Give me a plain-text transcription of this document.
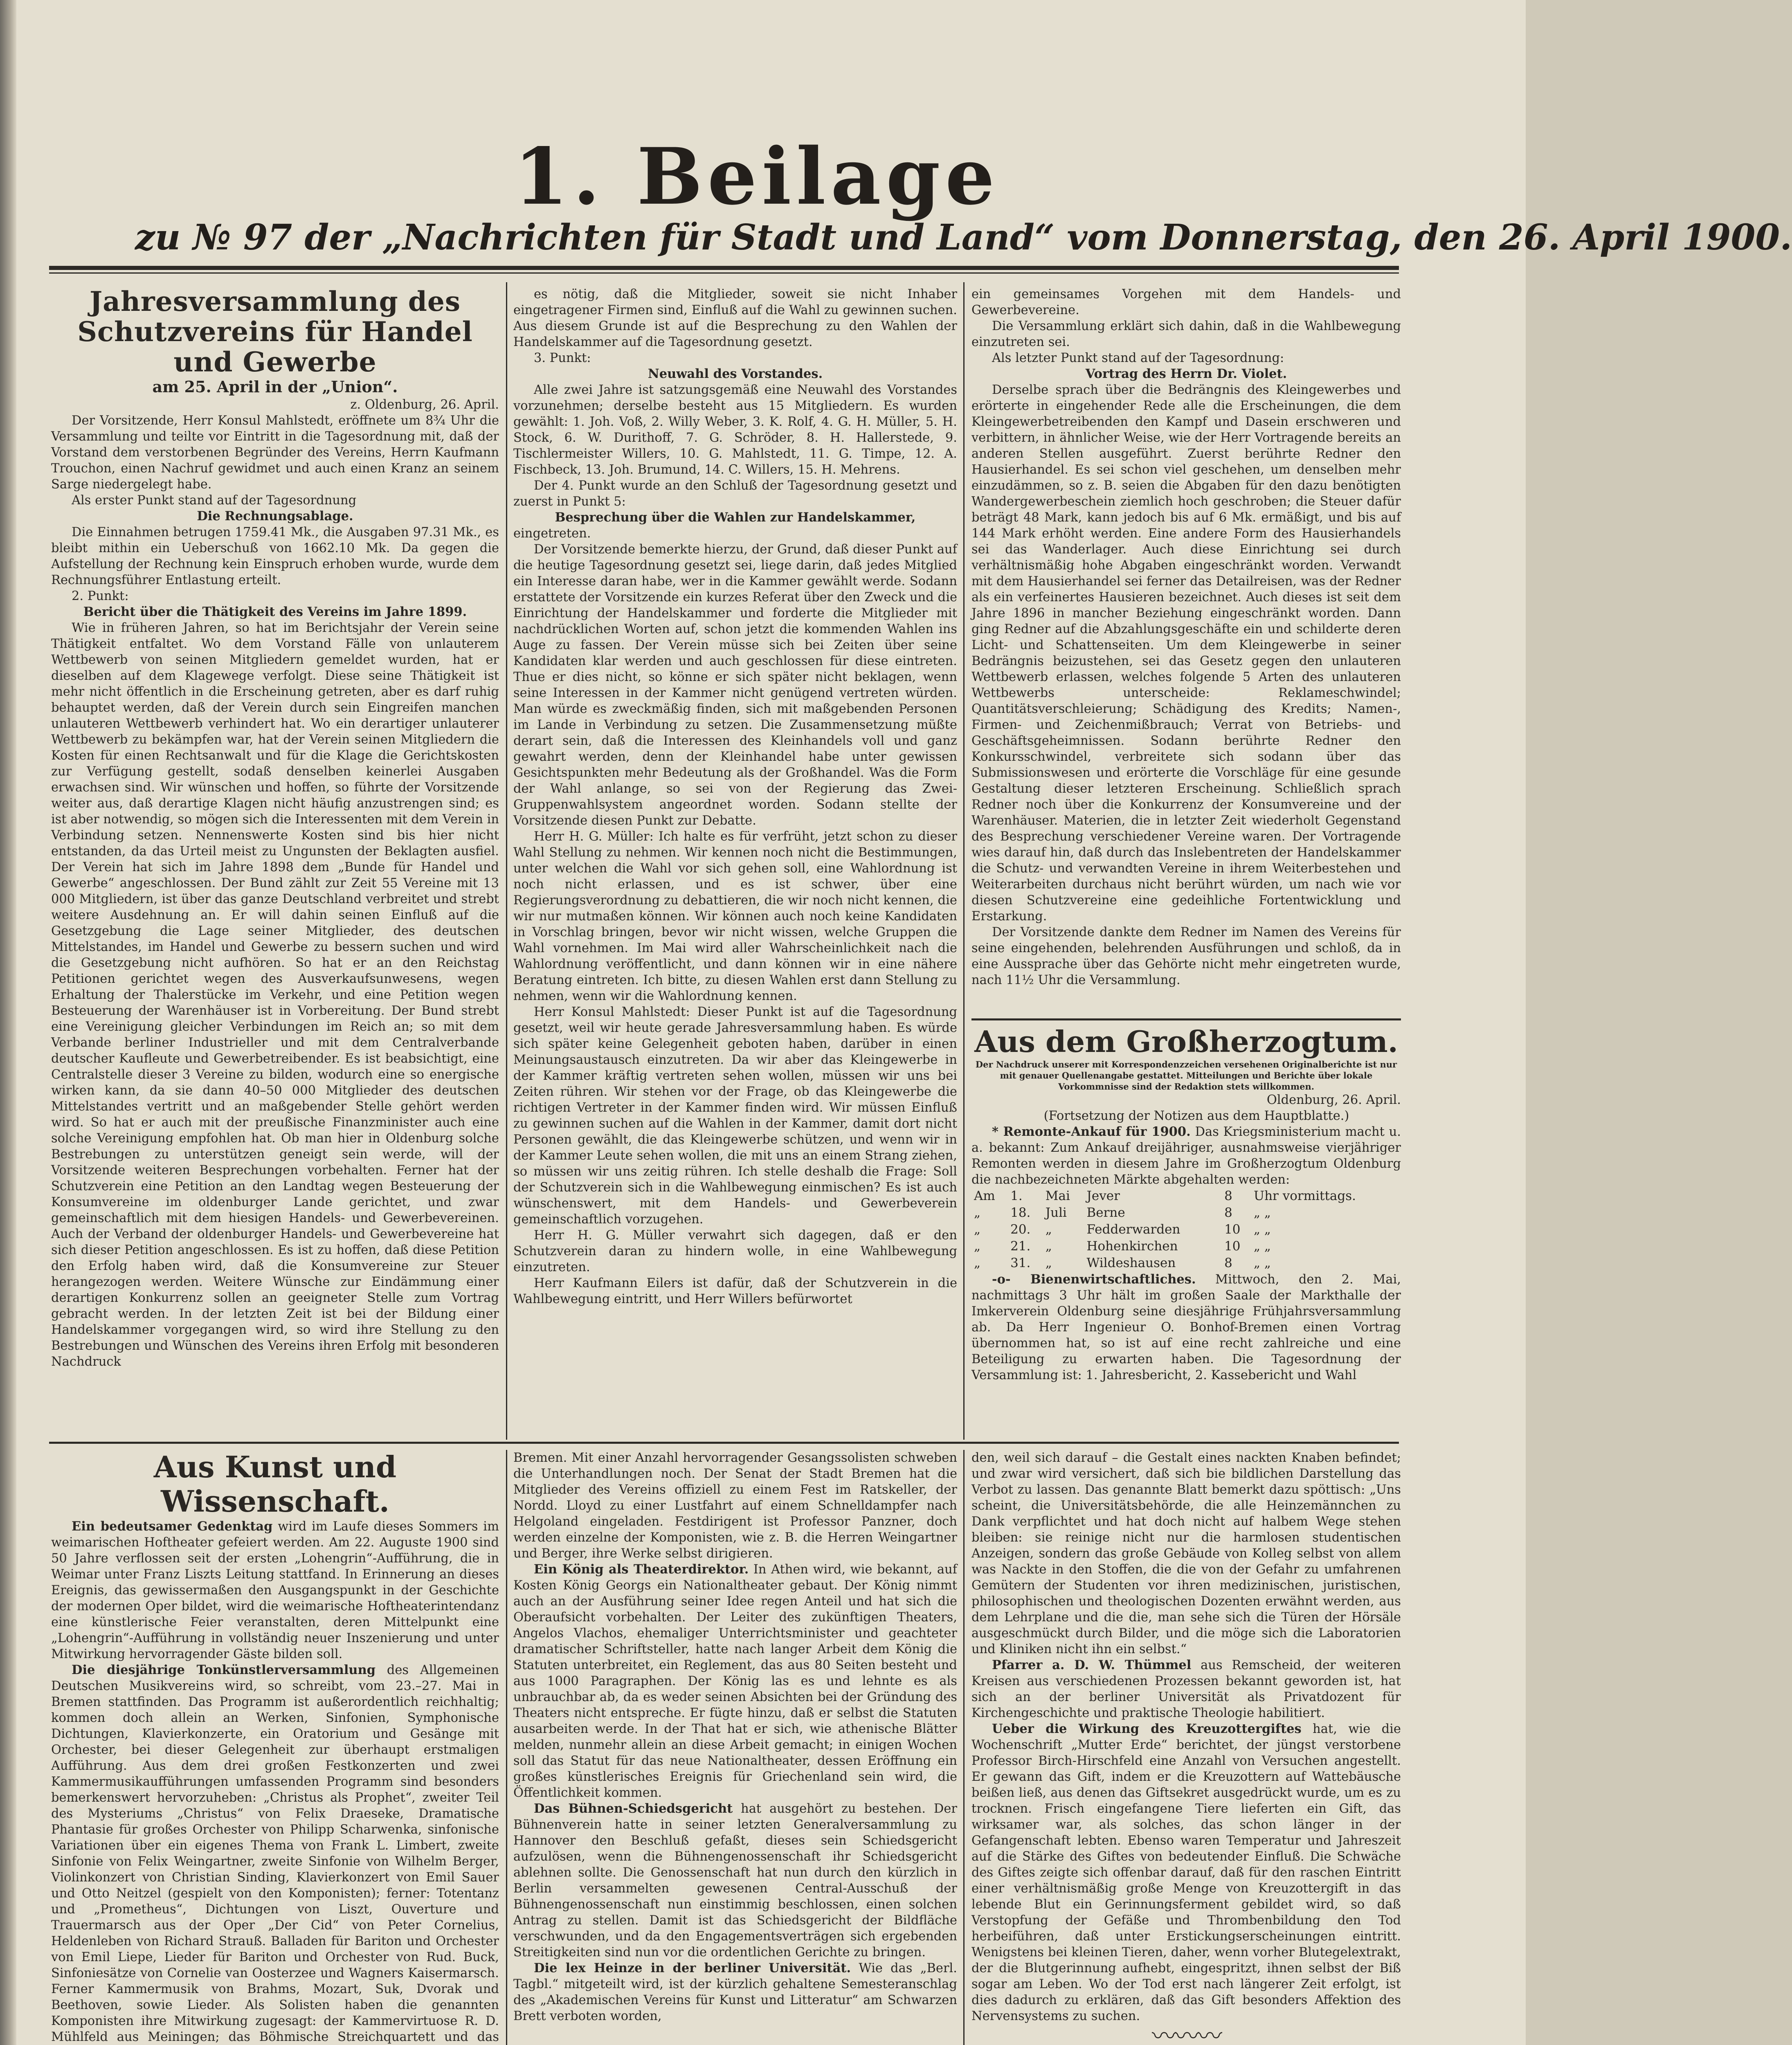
1. Beilage
zu № 97 der „Nachrichten für Stadt und Land“ vom Donnerstag, den 26. April 1900.
Jahresversammlung des Schutzvereins für Handel und Gewerbe
am 25. April in der „Union“.

z. Oldenburg, 26. April.

Der Vorsitzende, Herr Konsul Mahlstedt, eröffnete um 8¾ Uhr die Versammlung und teilte vor Eintritt in die Tagesordnung mit, daß der Vorstand dem verstorbenen Begründer des Vereins, Herrn Kaufmann Trouchon, einen Nachruf gewidmet und auch einen Kranz an seinem Sarge niedergelegt habe.

Als erster Punkt stand auf der Tagesordnung

Die Rechnungsablage.

Die Einnahmen betrugen 1759.41 Mk., die Ausgaben 97.31 Mk., es bleibt mithin ein Ueberschuß von 1662.10 Mk. Da gegen die Aufstellung der Rechnung kein Einspruch erhoben wurde, wurde dem Rechnungsführer Entlastung erteilt.

2. Punkt:

Bericht über die Thätigkeit des Vereins im Jahre 1899.

Wie in früheren Jahren, so hat im Berichtsjahr der Verein seine Thätigkeit entfaltet. Wo dem Vorstand Fälle von unlauterem Wettbewerb von seinen Mitgliedern gemeldet wurden, hat er dieselben auf dem Klagewege verfolgt. Diese seine Thätigkeit ist mehr nicht öffentlich in die Erscheinung getreten, aber es darf ruhig behauptet werden, daß der Verein durch sein Eingreifen manchen unlauteren Wettbewerb verhindert hat. Wo ein derartiger unlauterer Wettbewerb zu bekämpfen war, hat der Verein seinen Mitgliedern die Kosten für einen Rechtsanwalt und für die Klage die Gerichtskosten zur Verfügung gestellt, sodaß denselben keinerlei Ausgaben erwachsen sind. Wir wünschen und hoffen, so führte der Vorsitzende weiter aus, daß derartige Klagen nicht häufig anzustrengen sind; es ist aber notwendig, so mögen sich die Interessenten mit dem Verein in Verbindung setzen. Nennenswerte Kosten sind bis hier nicht entstanden, da das Urteil meist zu Ungunsten der Beklagten ausfiel. Der Verein hat sich im Jahre 1898 dem „Bunde für Handel und Gewerbe“ angeschlossen. Der Bund zählt zur Zeit 55 Vereine mit 13 000 Mitgliedern, ist über das ganze Deutschland verbreitet und strebt weitere Ausdehnung an. Er will dahin seinen Einfluß auf die Gesetzgebung die Lage seiner Mitglieder, des deutschen Mittelstandes, im Handel und Gewerbe zu bessern suchen und wird die Gesetzgebung nicht aufhören. So hat er an den Reichstag Petitionen gerichtet wegen des Ausverkaufsunwesens, wegen Erhaltung der Thalerstücke im Verkehr, und eine Petition wegen Besteuerung der Warenhäuser ist in Vorbereitung. Der Bund strebt eine Vereinigung gleicher Verbindungen im Reich an; so mit dem Verbande berliner Industrieller und mit dem Centralverbande deutscher Kaufleute und Gewerbetreibender. Es ist beabsichtigt, eine Centralstelle dieser 3 Vereine zu bilden, wodurch eine so energische wirken kann, da sie dann 40–50 000 Mitglieder des deutschen Mittelstandes vertritt und an maßgebender Stelle gehört werden wird. So hat er auch mit der preußische Finanzminister auch eine solche Vereinigung empfohlen hat. Ob man hier in Oldenburg solche Bestrebungen zu unterstützen geneigt sein werde, will der Vorsitzende weiteren Besprechungen vorbehalten. Ferner hat der Schutzverein eine Petition an den Landtag wegen Besteuerung der Konsumvereine im oldenburger Lande gerichtet, und zwar gemeinschaftlich mit dem hiesigen Handels- und Gewerbevereinen. Auch der Verband der oldenburger Handels- und Gewerbevereine hat sich dieser Petition angeschlossen. Es ist zu hoffen, daß diese Petition den Erfolg haben wird, daß die Konsumvereine zur Steuer herangezogen werden. Weitere Wünsche zur Eindämmung einer derartigen Konkurrenz sollen an geeigneter Stelle zum Vortrag gebracht werden. In der letzten Zeit ist bei der Bildung einer Handelskammer vorgegangen wird, so wird ihre Stellung zu den Bestrebungen und Wünschen des Vereins ihren Erfolg mit besonderen Nachdruck

es nötig, daß die Mitglieder, soweit sie nicht Inhaber eingetragener Firmen sind, Einfluß auf die Wahl zu gewinnen suchen. Aus diesem Grunde ist auf die Besprechung zu den Wahlen der Handelskammer auf die Tagesordnung gesetzt.

3. Punkt:

Neuwahl des Vorstandes.

Alle zwei Jahre ist satzungsgemäß eine Neuwahl des Vorstandes vorzunehmen; derselbe besteht aus 15 Mitgliedern. Es wurden gewählt: 1. Joh. Voß, 2. Willy Weber, 3. K. Rolf, 4. G. H. Müller, 5. H. Stock, 6. W. Durithoff, 7. G. Schröder, 8. H. Hallerstede, 9. Tischlermeister Willers, 10. G. Mahlstedt, 11. G. Timpe, 12. A. Fischbeck, 13. Joh. Brumund, 14. C. Willers, 15. H. Mehrens.

Der 4. Punkt wurde an den Schluß der Tagesordnung gesetzt und zuerst in Punkt 5:

Besprechung über die Wahlen zur Handelskammer,

eingetreten.

Der Vorsitzende bemerkte hierzu, der Grund, daß dieser Punkt auf die heutige Tagesordnung gesetzt sei, liege darin, daß jedes Mitglied ein Interesse daran habe, wer in die Kammer gewählt werde. Sodann erstattete der Vorsitzende ein kurzes Referat über den Zweck und die Einrichtung der Handelskammer und forderte die Mitglieder mit nachdrücklichen Worten auf, schon jetzt die kommenden Wahlen ins Auge zu fassen. Der Verein müsse sich bei Zeiten über seine Kandidaten klar werden und auch geschlossen für diese eintreten. Thue er dies nicht, so könne er sich später nicht beklagen, wenn seine Interessen in der Kammer nicht genügend vertreten würden. Man würde es zweckmäßig finden, sich mit maßgebenden Personen im Lande in Verbindung zu setzen. Die Zusammensetzung müßte derart sein, daß die Interessen des Kleinhandels voll und ganz gewahrt werden, denn der Kleinhandel habe unter gewissen Gesichtspunkten mehr Bedeutung als der Großhandel. Was die Form der Wahl anlange, so sei von der Regierung das Zwei-Gruppenwahlsystem angeordnet worden. Sodann stellte der Vorsitzende diesen Punkt zur Debatte.

Herr H. G. Müller: Ich halte es für verfrüht, jetzt schon zu dieser Wahl Stellung zu nehmen. Wir kennen noch nicht die Bestimmungen, unter welchen die Wahl vor sich gehen soll, eine Wahlordnung ist noch nicht erlassen, und es ist schwer, über eine Regierungsverordnung zu debattieren, die wir noch nicht kennen, die wir nur mutmaßen können. Wir können auch noch keine Kandidaten in Vorschlag bringen, bevor wir nicht wissen, welche Gruppen die Wahl vornehmen. Im Mai wird aller Wahrscheinlichkeit nach die Wahlordnung veröffentlicht, und dann können wir in eine nähere Beratung eintreten. Ich bitte, zu diesen Wahlen erst dann Stellung zu nehmen, wenn wir die Wahlordnung kennen.

Herr Konsul Mahlstedt: Dieser Punkt ist auf die Tagesordnung gesetzt, weil wir heute gerade Jahresversammlung haben. Es würde sich später keine Gelegenheit geboten haben, darüber in einen Meinungsaustausch einzutreten. Da wir aber das Kleingewerbe in der Kammer kräftig vertreten sehen wollen, müssen wir uns bei Zeiten rühren. Wir stehen vor der Frage, ob das Kleingewerbe die richtigen Vertreter in der Kammer finden wird. Wir müssen Einfluß zu gewinnen suchen auf die Wahlen in der Kammer, damit dort nicht Personen gewählt, die das Kleingewerbe schützen, und wenn wir in der Kammer Leute sehen wollen, die mit uns an einem Strang ziehen, so müssen wir uns zeitig rühren. Ich stelle deshalb die Frage: Soll der Schutzverein sich in die Wahlbewegung einmischen? Es ist auch wünschenswert, mit dem Handels- und Gewerbeverein gemeinschaftlich vorzugehen.

Herr H. G. Müller verwahrt sich dagegen, daß er den Schutzverein daran zu hindern wolle, in eine Wahlbewegung einzutreten.

Herr Kaufmann Eilers ist dafür, daß der Schutzverein in die Wahlbewegung eintritt, und Herr Willers befürwortet

ein gemeinsames Vorgehen mit dem Handels- und Gewerbevereine.

Die Versammlung erklärt sich dahin, daß in die Wahlbewegung einzutreten sei.

Als letzter Punkt stand auf der Tagesordnung:

Vortrag des Herrn Dr. Violet.

Derselbe sprach über die Bedrängnis des Kleingewerbes und erörterte in eingehender Rede alle die Erscheinungen, die dem Kleingewerbetreibenden den Kampf und Dasein erschweren und verbittern, in ähnlicher Weise, wie der Herr Vortragende bereits an anderen Stellen ausgeführt. Zuerst berührte Redner den Hausierhandel. Es sei schon viel geschehen, um denselben mehr einzudämmen, so z. B. seien die Abgaben für den dazu benötigten Wandergewerbeschein ziemlich hoch geschroben; die Steuer dafür beträgt 48 Mark, kann jedoch bis auf 6 Mk. ermäßigt, und bis auf 144 Mark erhöht werden. Eine andere Form des Hausierhandels sei das Wanderlager. Auch diese Einrichtung sei durch verhältnismäßig hohe Abgaben eingeschränkt worden. Verwandt mit dem Hausierhandel sei ferner das Detailreisen, was der Redner als ein verfeinertes Hausieren bezeichnet. Auch dieses ist seit dem Jahre 1896 in mancher Beziehung eingeschränkt worden. Dann ging Redner auf die Abzahlungsgeschäfte ein und schilderte deren Licht- und Schattenseiten. Um dem Kleingewerbe in seiner Bedrängnis beizustehen, sei das Gesetz gegen den unlauteren Wettbewerb erlassen, welches folgende 5 Arten des unlauteren Wettbewerbs unterscheide: Reklameschwindel; Quantitätsverschleierung; Schädigung des Kredits; Namen-, Firmen- und Zeichenmißbrauch; Verrat von Betriebs- und Geschäftsgeheimnissen. Sodann berührte Redner den Konkursschwindel, verbreitete sich sodann über das Submissionswesen und erörterte die Vorschläge für eine gesunde Gestaltung dieser letzteren Erscheinung. Schließlich sprach Redner noch über die Konkurrenz der Konsumvereine und der Warenhäuser. Materien, die in letzter Zeit wiederholt Gegenstand des Besprechung verschiedener Vereine waren. Der Vortragende wies darauf hin, daß durch das Inslebentreten der Handelskammer die Schutz- und verwandten Vereine in ihrem Weiterbestehen und Weiterarbeiten durchaus nicht berührt würden, um nach wie vor diesen Schutzvereine eine gedeihliche Fortentwicklung und Erstarkung.

Der Vorsitzende dankte dem Redner im Namen des Vereins für seine eingehenden, belehrenden Ausführungen und schloß, da in eine Aussprache über das Gehörte nicht mehr eingetreten wurde, nach 11½ Uhr die Versammlung.

Aus dem Großherzogtum.
Der Nachdruck unserer mit Korrespondenzzeichen versehenen Originalberichte ist nur mit genauer Quellenangabe gestattet. Mitteilungen und Berichte über lokale Vorkommnisse sind der Redaktion stets willkommen.

Oldenburg, 26. April.

(Fortsetzung der Notizen aus dem Hauptblatte.)

* Remonte-Ankauf für 1900. Das Kriegsministerium macht u. a. bekannt: Zum Ankauf dreijähriger, ausnahmsweise vierjähriger Remonten werden in diesem Jahre im Großherzogtum Oldenburg die nachbezeichneten Märkte abgehalten werden:

Am	1.	Mai	Jever	8	Uhr vormittags.
„	18.	Juli	Berne	8	„ „
„	20.	„	Fedderwarden	10	„ „
„	21.	„	Hohenkirchen	10	„ „
„	31.	„	Wildeshausen	8	„ „

-o- Bienenwirtschaftliches. Mittwoch, den 2. Mai, nachmittags 3 Uhr hält im großen Saale der Markthalle der Imkerverein Oldenburg seine diesjährige Frühjahrsversammlung ab. Da Herr Ingenieur O. Bonhof-Bremen einen Vortrag übernommen hat, so ist auf eine recht zahlreiche und eine Beteiligung zu erwarten haben. Die Tagesordnung der Versammlung ist: 1. Jahresbericht, 2. Kassebericht und Wahl

Aus Kunst und Wissenschaft.

Ein bedeutsamer Gedenktag wird im Laufe dieses Sommers im weimarischen Hoftheater gefeiert werden. Am 22. Auguste 1900 sind 50 Jahre verflossen seit der ersten „Lohengrin“-Aufführung, die in Weimar unter Franz Liszts Leitung stattfand. In Erinnerung an dieses Ereignis, das gewissermaßen den Ausgangspunkt in der Geschichte der modernen Oper bildet, wird die weimarische Hoftheaterintendanz eine künstlerische Feier veranstalten, deren Mittelpunkt eine „Lohengrin“-Aufführung in vollständig neuer Inszenierung und unter Mitwirkung hervorragender Gäste bilden soll.

Die diesjährige Tonkünstlerversammlung des Allgemeinen Deutschen Musikvereins wird, so schreibt, vom 23.–27. Mai in Bremen stattfinden. Das Programm ist außerordentlich reichhaltig; kommen doch allein an Werken, Sinfonien, Symphonische Dichtungen, Klavierkonzerte, ein Oratorium und Gesänge mit Orchester, bei dieser Gelegenheit zur überhaupt erstmaligen Aufführung. Aus dem drei großen Festkonzerten und zwei Kammermusikaufführungen umfassenden Programm sind besonders bemerkenswert hervorzuheben: „Christus als Prophet“, zweiter Teil des Mysteriums „Christus“ von Felix Draeseke, Dramatische Phantasie für großes Orchester von Philipp Scharwenka, sinfonische Variationen über ein eigenes Thema von Frank L. Limbert, zweite Sinfonie von Felix Weingartner, zweite Sinfonie von Wilhelm Berger, Violinkonzert von Christian Sinding, Klavierkonzert von Emil Sauer und Otto Neitzel (gespielt von den Komponisten); ferner: Totentanz und „Prometheus“, Dichtungen von Liszt, Ouverture und Trauermarsch aus der Oper „Der Cid“ von Peter Cornelius, Heldenleben von Richard Strauß. Balladen für Bariton und Orchester von Emil Liepe, Lieder für Bariton und Orchester von Rud. Buck, Sinfoniesätze von Cornelie van Oosterzee und Wagners Kaisermarsch. Ferner Kammermusik von Brahms, Mozart, Suk, Dvorak und Beethoven, sowie Lieder. Als Solisten haben die genannten Komponisten ihre Mitwirkung zugesagt: der Kammervirtuose R. D. Mühlfeld aus Meiningen; das Böhmische Streichquartett und das

Bremen. Mit einer Anzahl hervorragender Gesangssolisten schweben die Unterhandlungen noch. Der Senat der Stadt Bremen hat die Mitglieder des Vereins offiziell zu einem Fest im Ratskeller, der Nordd. Lloyd zu einer Lustfahrt auf einem Schnelldampfer nach Helgoland eingeladen. Festdirigent ist Professor Panzner, doch werden einzelne der Komponisten, wie z. B. die Herren Weingartner und Berger, ihre Werke selbst dirigieren.

Ein König als Theaterdirektor. In Athen wird, wie bekannt, auf Kosten König Georgs ein Nationaltheater gebaut. Der König nimmt auch an der Ausführung seiner Idee regen Anteil und hat sich die Oberaufsicht vorbehalten. Der Leiter des zukünftigen Theaters, Angelos Vlachos, ehemaliger Unterrichtsminister und geachteter dramatischer Schriftsteller, hatte nach langer Arbeit dem König die Statuten unterbreitet, ein Reglement, das aus 80 Seiten besteht und aus 1000 Paragraphen. Der König las es und lehnte es als unbrauchbar ab, da es weder seinen Absichten bei der Gründung des Theaters nicht entspreche. Er fügte hinzu, daß er selbst die Statuten ausarbeiten werde. In der That hat er sich, wie athenische Blätter melden, nunmehr allein an diese Arbeit gemacht; in einigen Wochen soll das Statut für das neue Nationaltheater, dessen Eröffnung ein großes künstlerisches Ereignis für Griechenland sein wird, die Öffentlichkeit kommen.

Das Bühnen-Schiedsgericht hat ausgehört zu bestehen. Der Bühnenverein hatte in seiner letzten Generalversammlung zu Hannover den Beschluß gefaßt, dieses sein Schiedsgericht aufzulösen, wenn die Bühnengenossenschaft ihr Schiedsgericht ablehnen sollte. Die Genossenschaft hat nun durch den kürzlich in Berlin versammelten gewesenen Central-Ausschuß der Bühnengenossenschaft nun einstimmig beschlossen, einen solchen Antrag zu stellen. Damit ist das Schiedsgericht der Bildfläche verschwunden, und da den Engagementsverträgen sich ergebenden Streitigkeiten sind nun vor die ordentlichen Gerichte zu bringen.

Die lex Heinze in der berliner Universität. Wie das „Berl. Tagbl.“ mitgeteilt wird, ist der kürzlich gehaltene Semesteranschlag des „Akademischen Vereins für Kunst und Litteratur“ am Schwarzen Brett verboten worden,

den, weil sich darauf – die Gestalt eines nackten Knaben befindet; und zwar wird versichert, daß sich bie bildlichen Darstellung das Verbot zu lassen. Das genannte Blatt bemerkt dazu spöttisch: „Uns scheint, die Universitätsbehörde, die alle Heinzemännchen zu Dank verpflichtet und hat doch nicht auf halbem Wege stehen bleiben: sie reinige nicht nur die harmlosen studentischen Anzeigen, sondern das große Gebäude von Kolleg selbst von allem was Nackte in den Stoffen, die die von der Gefahr zu umfahrenen Gemütern der Studenten vor ihren medizinischen, juristischen, philosophischen und theologischen Dozenten erwähnt werden, aus dem Lehrplane und die die, man sehe sich die Türen der Hörsäle ausgeschmückt durch Bilder, und die möge sich die Laboratorien und Kliniken nicht ihn ein selbst.“

Pfarrer a. D. W. Thümmel aus Remscheid, der weiteren Kreisen aus verschiedenen Prozessen bekannt geworden ist, hat sich an der berliner Universität als Privatdozent für Kirchengeschichte und praktische Theologie habilitiert.

Ueber die Wirkung des Kreuzottergiftes hat, wie die Wochenschrift „Mutter Erde“ berichtet, der jüngst verstorbene Professor Birch-Hirschfeld eine Anzahl von Versuchen angestellt. Er gewann das Gift, indem er die Kreuzottern auf Wattebäusche beißen ließ, aus denen das Giftsekret ausgedrückt wurde, um es zu trocknen. Frisch eingefangene Tiere lieferten ein Gift, das wirksamer war, als solches, das schon länger in der Gefangenschaft lebten. Ebenso waren Temperatur und Jahreszeit auf die Stärke des Giftes von bedeutender Einfluß. Die Schwäche des Giftes zeigte sich offenbar darauf, daß für den raschen Eintritt einer verhältnismäßig große Menge von Kreuzottergift in das lebende Blut ein Gerinnungsferment gebildet wird, so daß Verstopfung der Gefäße und Thrombenbildung den Tod herbeiführen, daß unter Erstickungserscheinungen eintritt. Wenigstens bei kleinen Tieren, daher, wenn vorher Blutegelextrakt, der die Blutgerinnung aufhebt, eingespritzt, ihnen selbst der Biß sogar am Leben. Wo der Tod erst nach längerer Zeit erfolgt, ist dies dadurch zu erklären, daß das Gift besonders Affektion des Nervensystems zu suchen.

〰〰〰
